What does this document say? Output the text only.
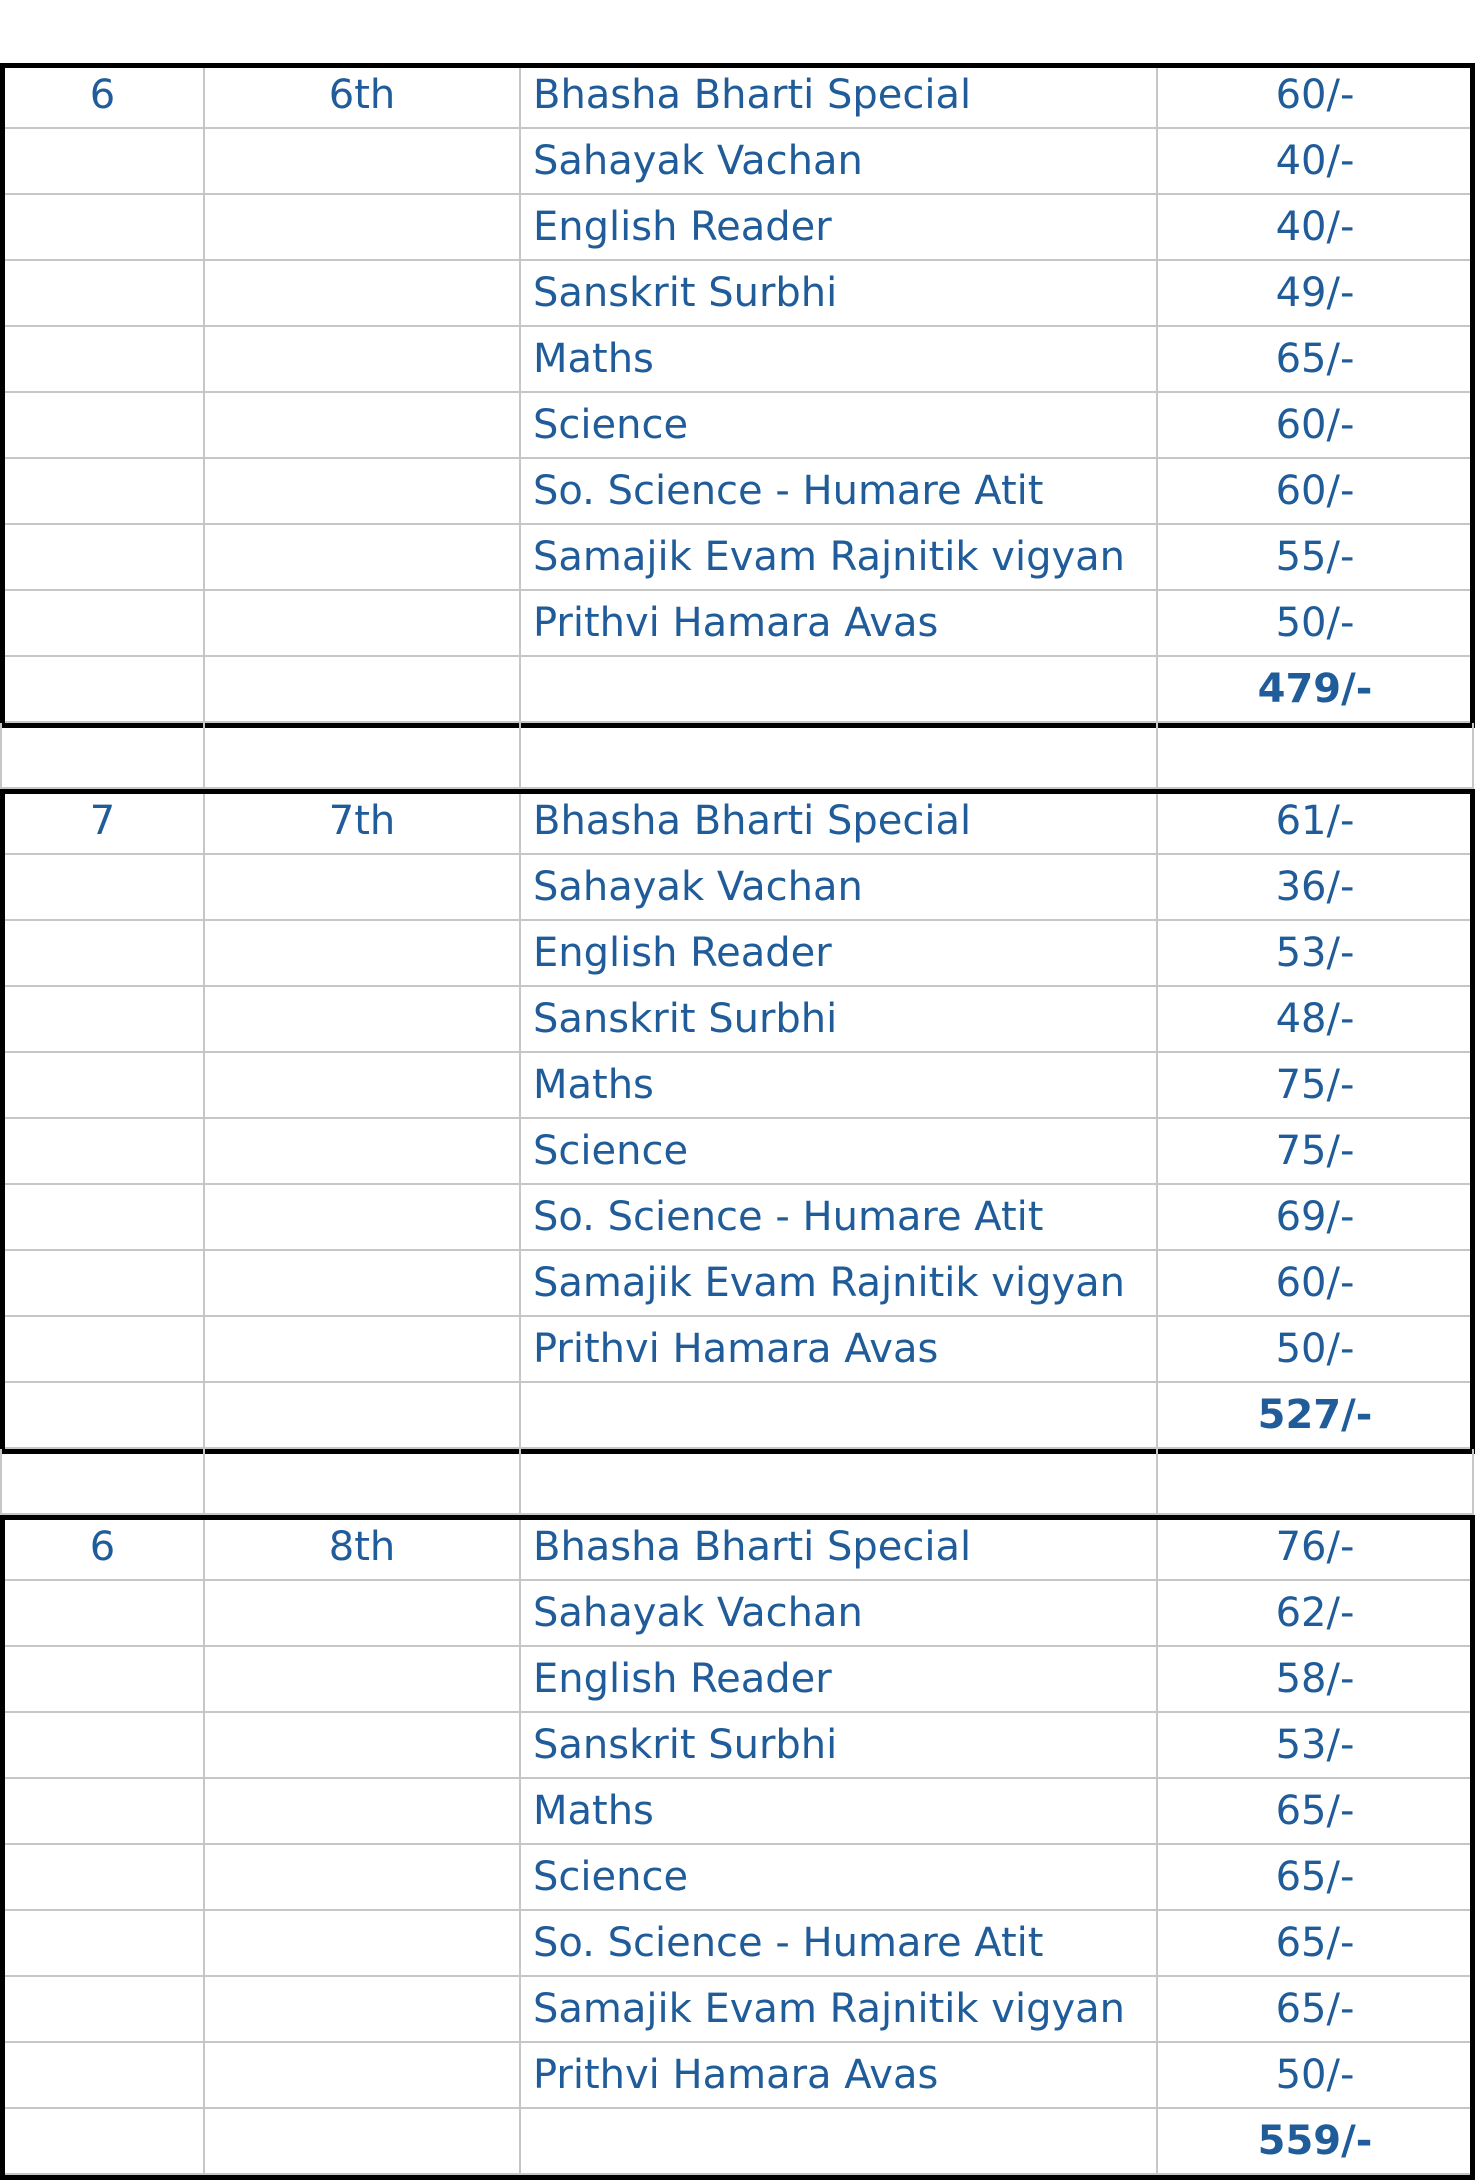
6	6th	Bhasha Bharti Special	60/-
Sahayak Vachan	40/-
English Reader	40/-
Sanskrit Surbhi	49/-
Maths	65/-
Science	60/-
So. Science - Humare Atit	60/-
Samajik Evam Rajnitik vigyan	55/-
Prithvi Hamara Avas	50/-
479/-
7	7th	Bhasha Bharti Special	61/-
Sahayak Vachan	36/-
English Reader	53/-
Sanskrit Surbhi	48/-
Maths	75/-
Science	75/-
So. Science - Humare Atit	69/-
Samajik Evam Rajnitik vigyan	60/-
Prithvi Hamara Avas	50/-
527/-
6	8th	Bhasha Bharti Special	76/-
Sahayak Vachan	62/-
English Reader	58/-
Sanskrit Surbhi	53/-
Maths	65/-
Science	65/-
So. Science - Humare Atit	65/-
Samajik Evam Rajnitik vigyan	65/-
Prithvi Hamara Avas	50/-
559/-
